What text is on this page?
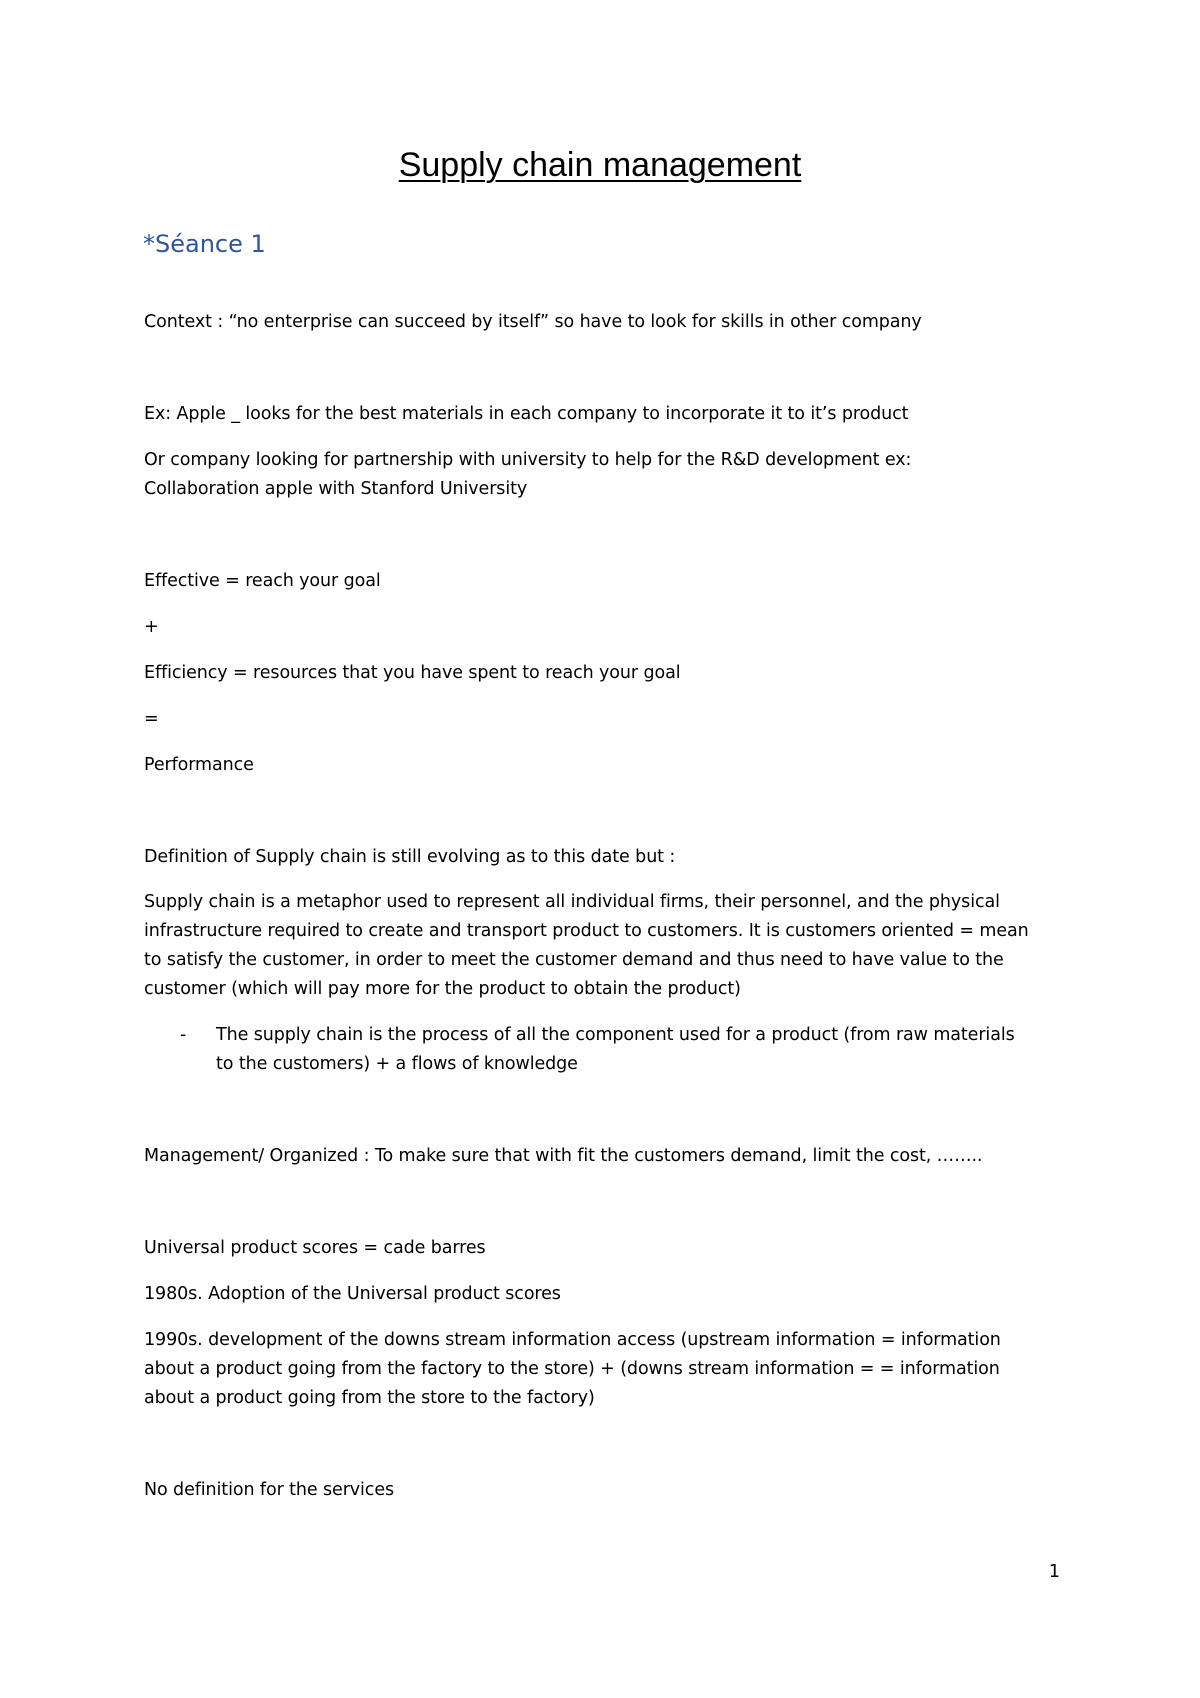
Supply chain management
*Séance 1
Context : “no enterprise can succeed by itself” so have to look for skills in other company
Ex: Apple _ looks for the best materials in each company to incorporate it to it’s product
Or company looking for partnership with university to help for the R&D development ex:
Collaboration apple with Stanford University
Effective = reach your goal
+
Efficiency = resources that you have spent to reach your goal
=
Performance
Definition of Supply chain is still evolving as to this date but :
Supply chain is a metaphor used to represent all individual firms, their personnel, and the physical
infrastructure required to create and transport product to customers. It is customers oriented = mean
to satisfy the customer, in order to meet the customer demand and thus need to have value to the
customer (which will pay more for the product to obtain the product)
- The supply chain is the process of all the component used for a product (from raw materials
to the customers) + a flows of knowledge
Management/ Organized : To make sure that with fit the customers demand, limit the cost, ……..
Universal product scores = cade barres
1980s. Adoption of the Universal product scores
1990s. development of the downs stream information access (upstream information = information
about a product going from the factory to the store) + (downs stream information = = information
about a product going from the store to the factory)
No definition for the services
1
